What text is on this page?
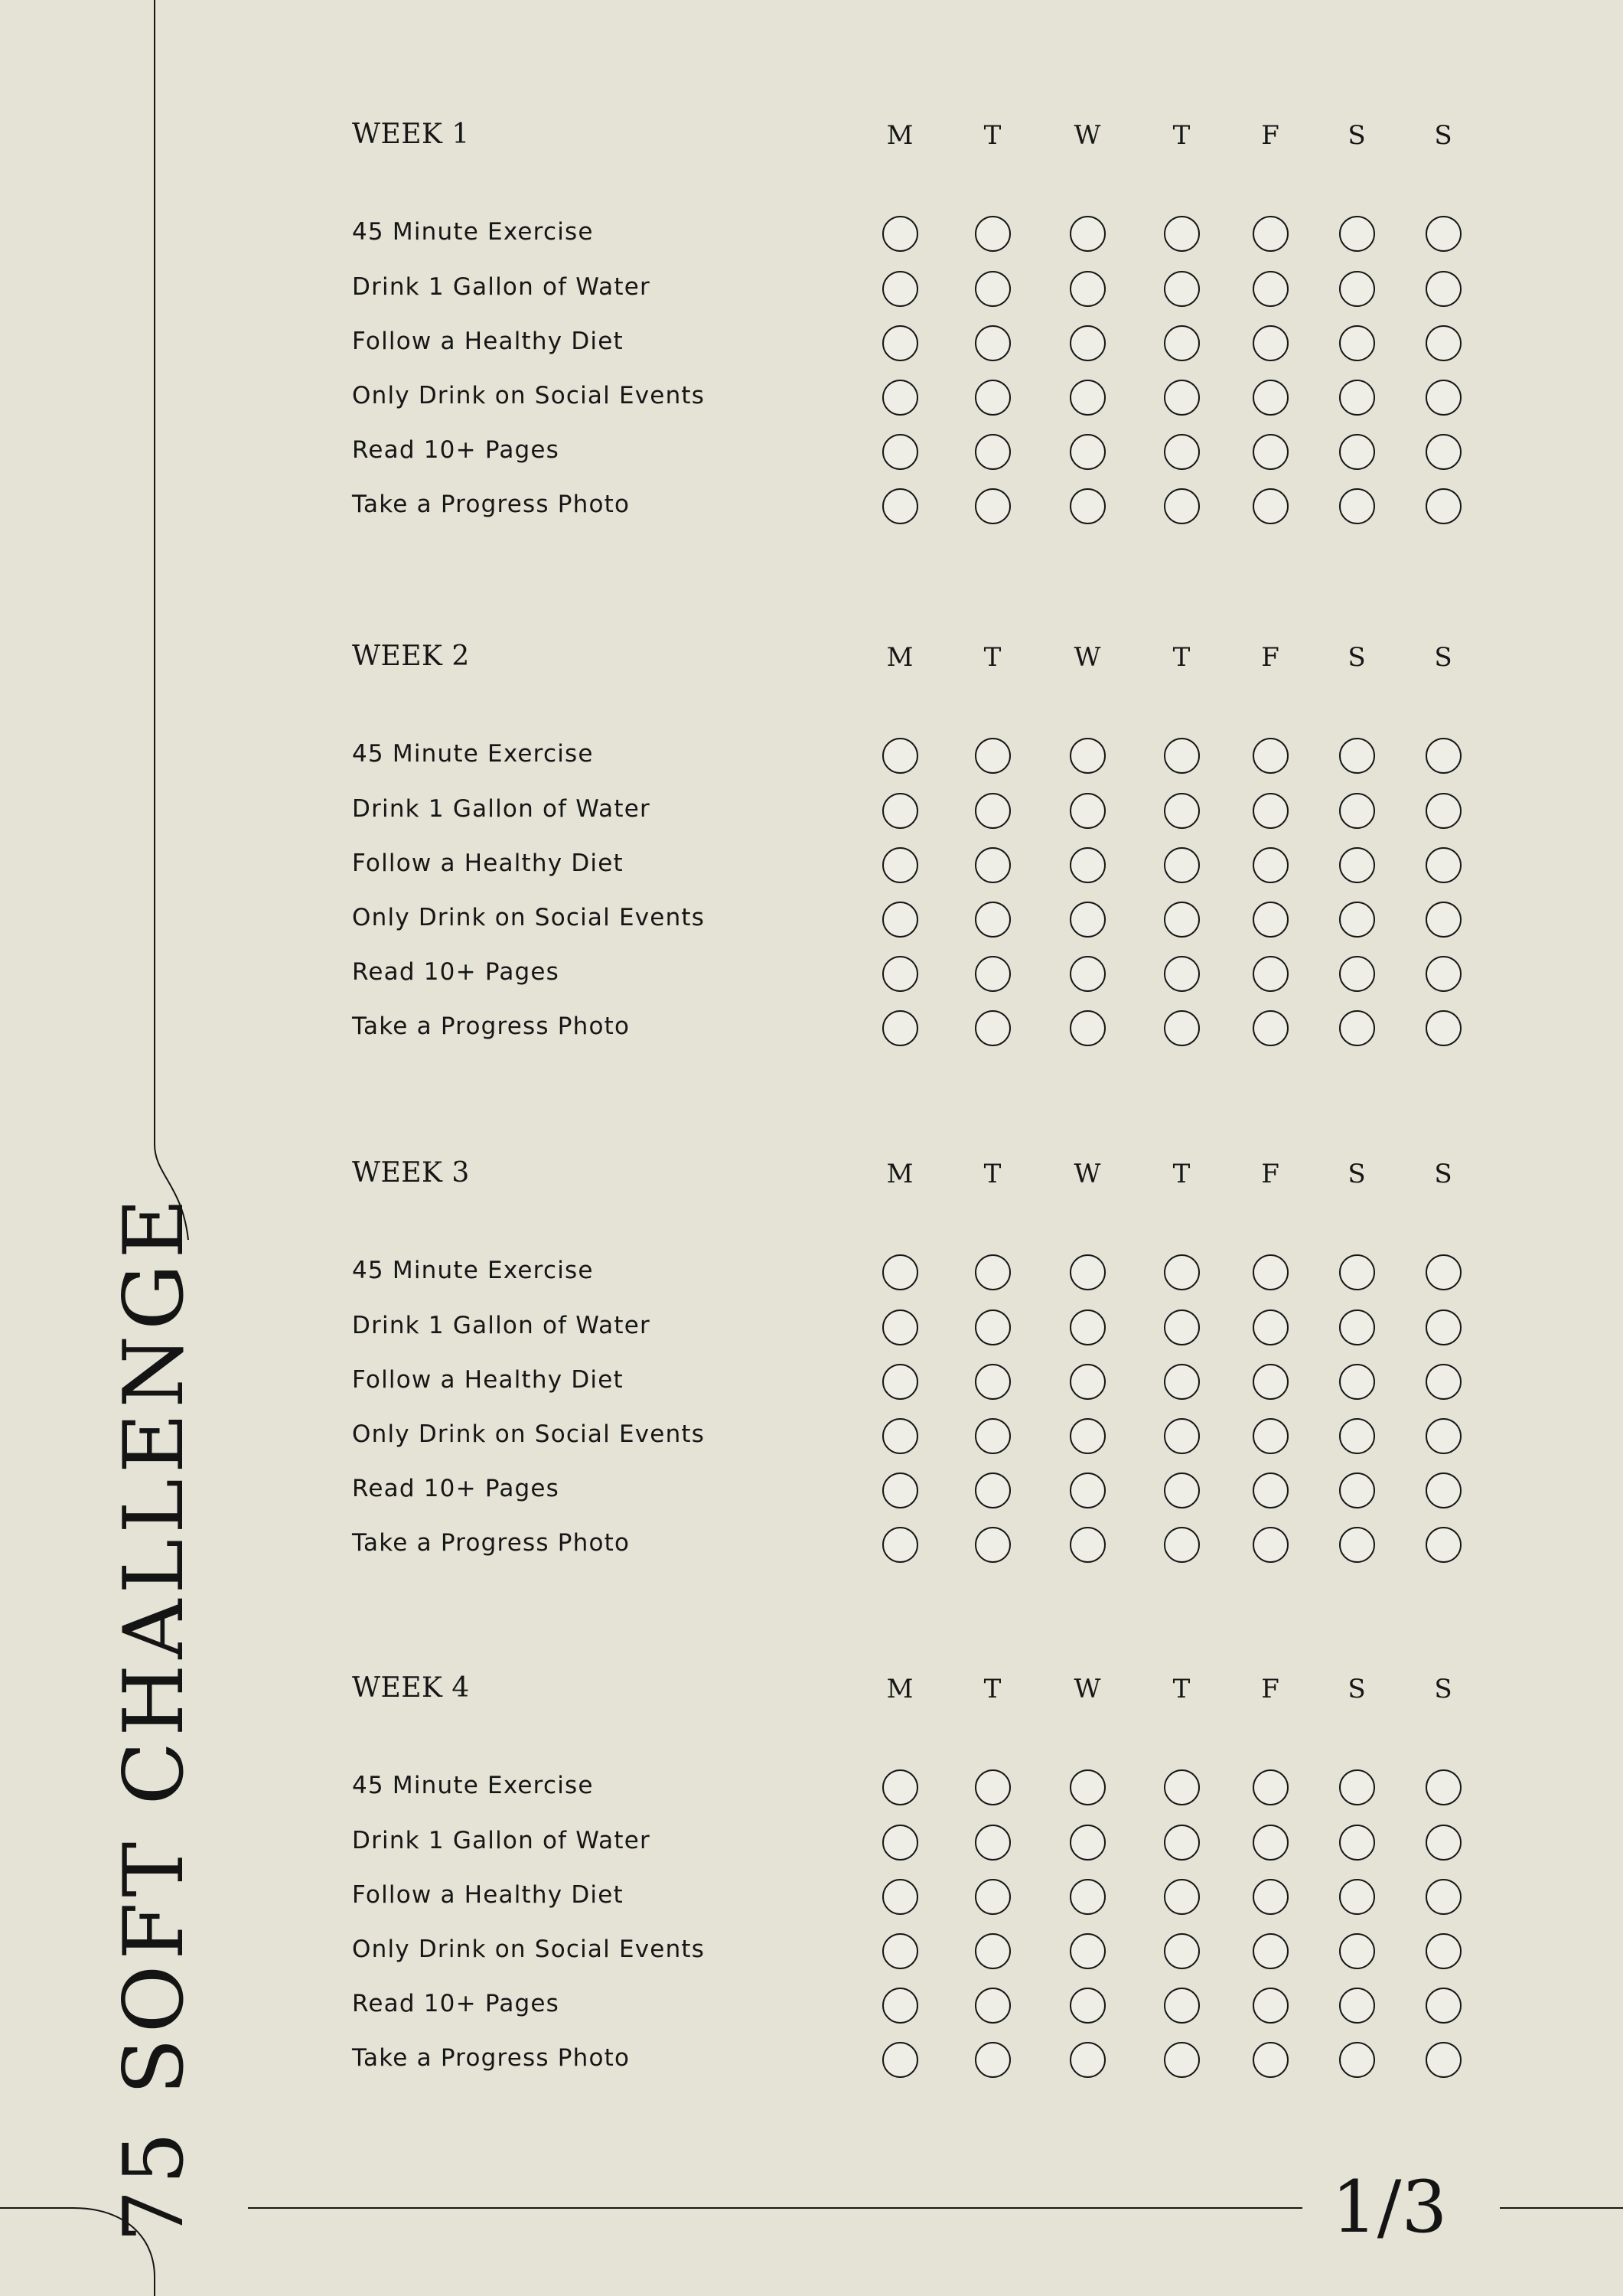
75 SOFT CHALLENGE	1/3
WEEK 1	M	T	W	T	F	S	S
45 Minute Exercise
Drink 1 Gallon of Water
Follow a Healthy Diet
Only Drink on Social Events
Read 10+ Pages
Take a Progress Photo
WEEK 2	M	T	W	T	F	S	S
45 Minute Exercise
Drink 1 Gallon of Water
Follow a Healthy Diet
Only Drink on Social Events
Read 10+ Pages
Take a Progress Photo
WEEK 3	M	T	W	T	F	S	S
45 Minute Exercise
Drink 1 Gallon of Water
Follow a Healthy Diet
Only Drink on Social Events
Read 10+ Pages
Take a Progress Photo
WEEK 4	M	T	W	T	F	S	S
45 Minute Exercise
Drink 1 Gallon of Water
Follow a Healthy Diet
Only Drink on Social Events
Read 10+ Pages
Take a Progress Photo
